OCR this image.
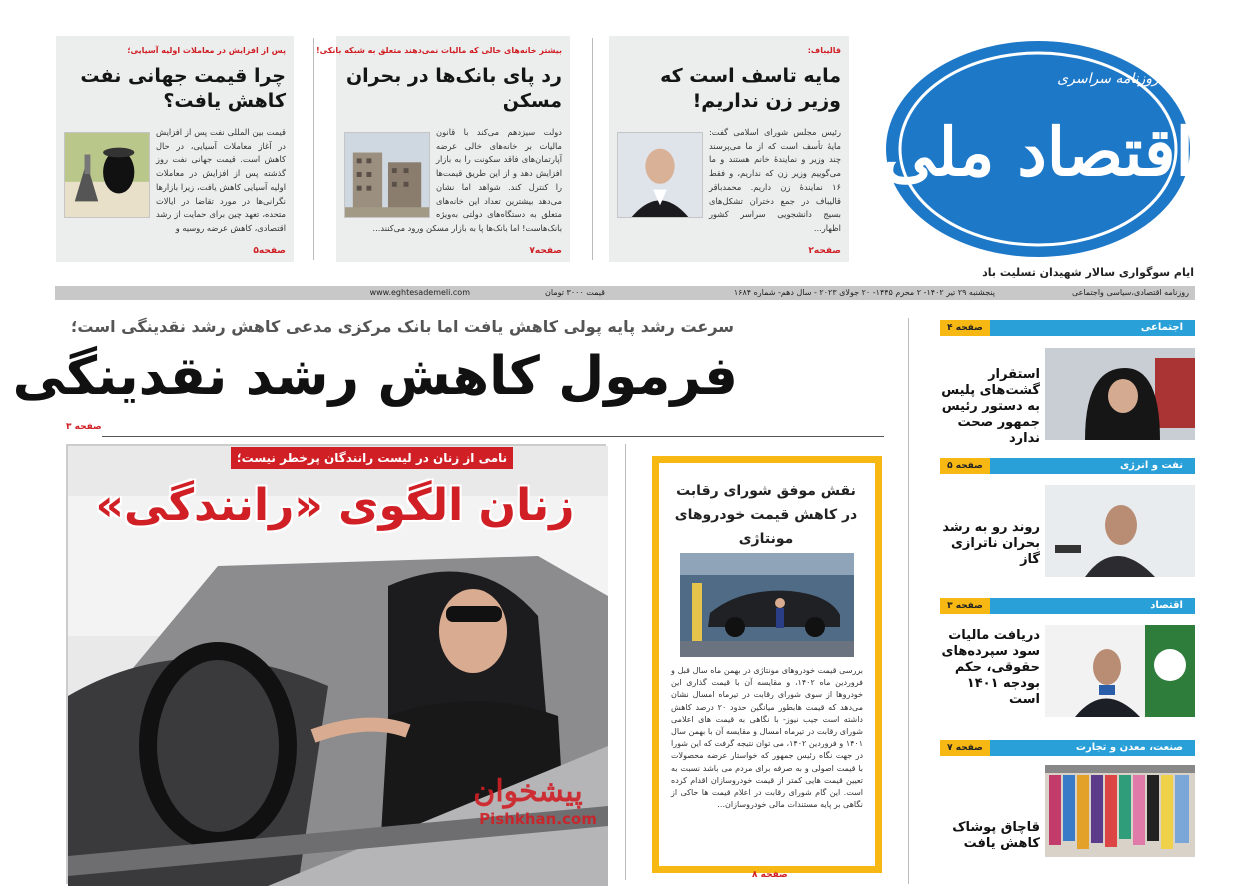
پس از افزایش در معاملات اولیه آسیایی؛
چرا قیمت جهانی نفت کاهش یافت؟
قیمت بین المللی نفت پس از افزایش در آغاز معاملات آسیایی، در حال کاهش است. قیمت جهانی نفت روز گذشته پس از افزایش در معاملات اولیه آسیایی کاهش یافت، زیرا بازارها نگرانی‌ها در مورد تقاضا در ایالات متحده، تعهد چین برای حمایت از رشد اقتصادی، کاهش عرضه روسیه و
صفحه۵
بیشتر خانه‌های خالی که مالیات نمی‌دهند متعلق به شبکه بانکی!
رد پای بانک‌ها در بحران مسکن
دولت سیزدهم می‌کند با قانون مالیات بر خانه‌های خالی عرضه آپارتمان‌های فاقد سکونت را به بازار افزایش دهد و از این طریق قیمت‌ها را کنترل کند. شواهد اما نشان می‌دهد بیشترین تعداد این خانه‌های متعلق به دستگاه‌های دولتی به‌ویژه بانک‌هاست! اما بانک‌ها پا به بازار مسکن ورود می‌کنند...
صفحه۷
قالیباف:
مایه تاسف است که وزیر زن نداریم!
رئیس مجلس شورای اسلامی گفت: مایهٔ تأسف است که از ما می‌پرسند چند وزیر و نمایندهٔ خانم هستند و ما می‌گوییم وزیر زن که نداریم، و فقط ۱۶ نمایندهٔ زن داریم. محمدباقر قالیباف در جمع دختران تشکل‌های بسیج دانشجویی سراسر کشور اظهار...
صفحه۲
روزنامه سراسری
اقتصاد ملی
ایام سوگواری سالار شهیدان تسلیت باد
روزنامه اقتصادی،سیاسی واجتماعی
پنجشنبه ۲۹ تیر ۱۴۰۲- ۲ محرم ۱۴۴۵- ۲۰ جولای ۲۰۲۳ - سال دهم- شماره ۱۶۸۴
قیمت ۳۰۰۰ تومان
www.eghtesademeli.com
سرعت رشد پایه پولی کاهش یافت اما بانک مرکزی مدعی کاهش رشد نقدینگی است؛
فرمول کاهش رشد نقدینگی
صفحه ۳
پیشخوان
Pishkhan.com
نامی از زنان در لیست رانندگان پرخطر نیست؛
زنان الگوی «رانندگی»	نقش موفق شورای رقابت در کاهش قیمت خودروهای مونتاژی
بررسی قیمت خودروهای مونتاژی در بهمن ماه سال قبل و فروردین ماه ۱۴۰۲، و مقایسه آن با قیمت گذاری این خودروها از سوی شورای رقابت در تیرماه امسال نشان می‌دهد که قیمت هابطور میانگین حدود ۲۰ درصد کاهش داشته است جیب نیوز- با نگاهی به قیمت های اعلامی شورای رقابت در تیرماه امسال و مقایسه آن با بهمن سال ۱۴۰۱ و فروردین ۱۴۰۲، می توان نتیجه گرفت که این شورا در جهت نگاه رئیس جمهور که خواستار عرضه محصولات با قیمت اصولی و به صرفه برای مردم می باشد نسبت به تعیین قیمت هایی کمتر از قیمت خودروسازان اقدام کرده است. این گام شورای رقابت در اعلام قیمت ها حاکی از نگاهی بر پایه مستندات مالی خودروسازان...
صفحه ۸
اجتماعی
صفحه ۴
استقرار گشت‌های پلیس به دستور رئیس جمهور صحت ندارد
نفت و انرژی
صفحه ۵
روند رو به رشد بحران ناترازی گاز
اقتصاد
صفحه ۳
دریافت مالیات سود سپرده‌های حقوقی، حکم بودجه ۱۴۰۱ است
صنعت، معدن و تجارت
صفحه ۷
قاچاق پوشاک کاهش یافت
